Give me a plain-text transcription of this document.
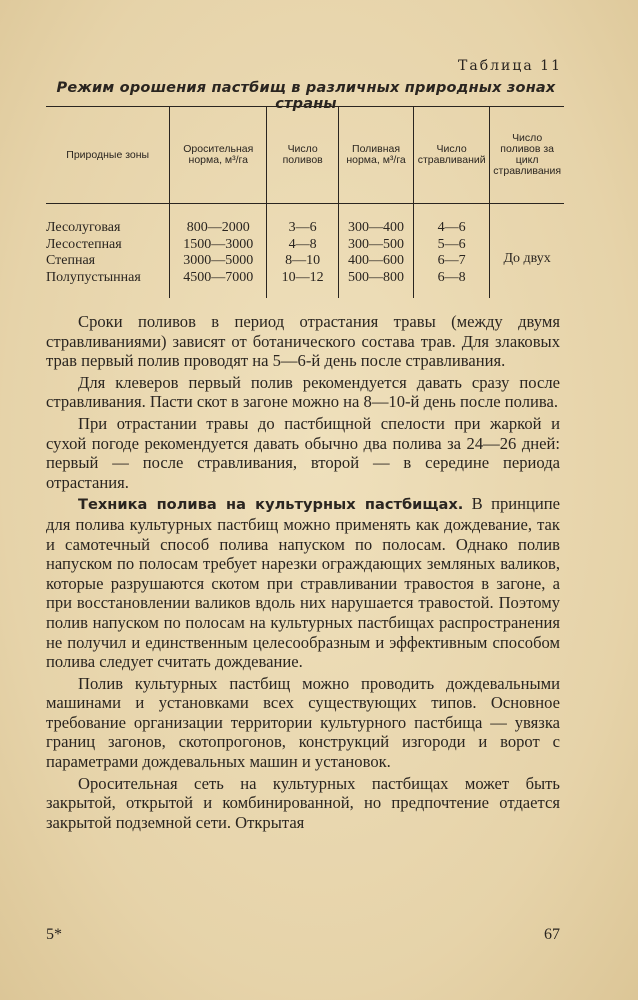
Таблица 11
Режим орошения пастбищ в различных природных зонах страны
Природные зоны	Оросительная норма, м³/га	Число поливов	Поливная норма, м³/га	Число стравливаний	Число поливов за цикл стравливания
Лесолуговая	800—2000	3—6	300—400	4—6	До двух
Лесостепная	1500—3000	4—8	300—500	5—6	
Степная	3000—5000	8—10	400—600	6—7	
Полупустынная	4500—7000	10—12	500—800	6—8	

Сроки поливов в период отрастания травы (между двумя стравливаниями) зависят от ботанического состава трав. Для злаковых трав первый полив проводят на 5—6-й день после стравливания.

Для клеверов первый полив рекомендуется давать сразу после стравливания. Пасти скот в загоне можно на 8—10-й день после полива.

При отрастании травы до пастбищной спелости при жаркой и сухой погоде рекомендуется давать обычно два полива за 24—26 дней: первый — после стравливания, второй — в середине периода отрастания.

Техника полива на культурных пастбищах. В принципе для полива культурных пастбищ можно применять как дождевание, так и самотечный способ полива напуском по полосам. Однако полив напуском по полосам требует нарезки ограждающих земляных валиков, которые разрушаются скотом при стравливании травостоя в загоне, а при восстановлении валиков вдоль них нарушается травостой. Поэтому полив напуском по полосам на культурных пастбищах распространения не получил и единственным целесообразным и эффективным способом полива следует считать дождевание.

Полив культурных пастбищ можно проводить дождевальными машинами и установками всех существующих типов. Основное требование организации территории культурного пастбища — увязка границ загонов, скотопрогонов, конструкций изгороди и ворот с параметрами дождевальных машин и установок.

Оросительная сеть на культурных пастбищах может быть закрытой, открытой и комбинированной, но предпочтение отдается закрытой подземной сети. Открытая

5*	67
